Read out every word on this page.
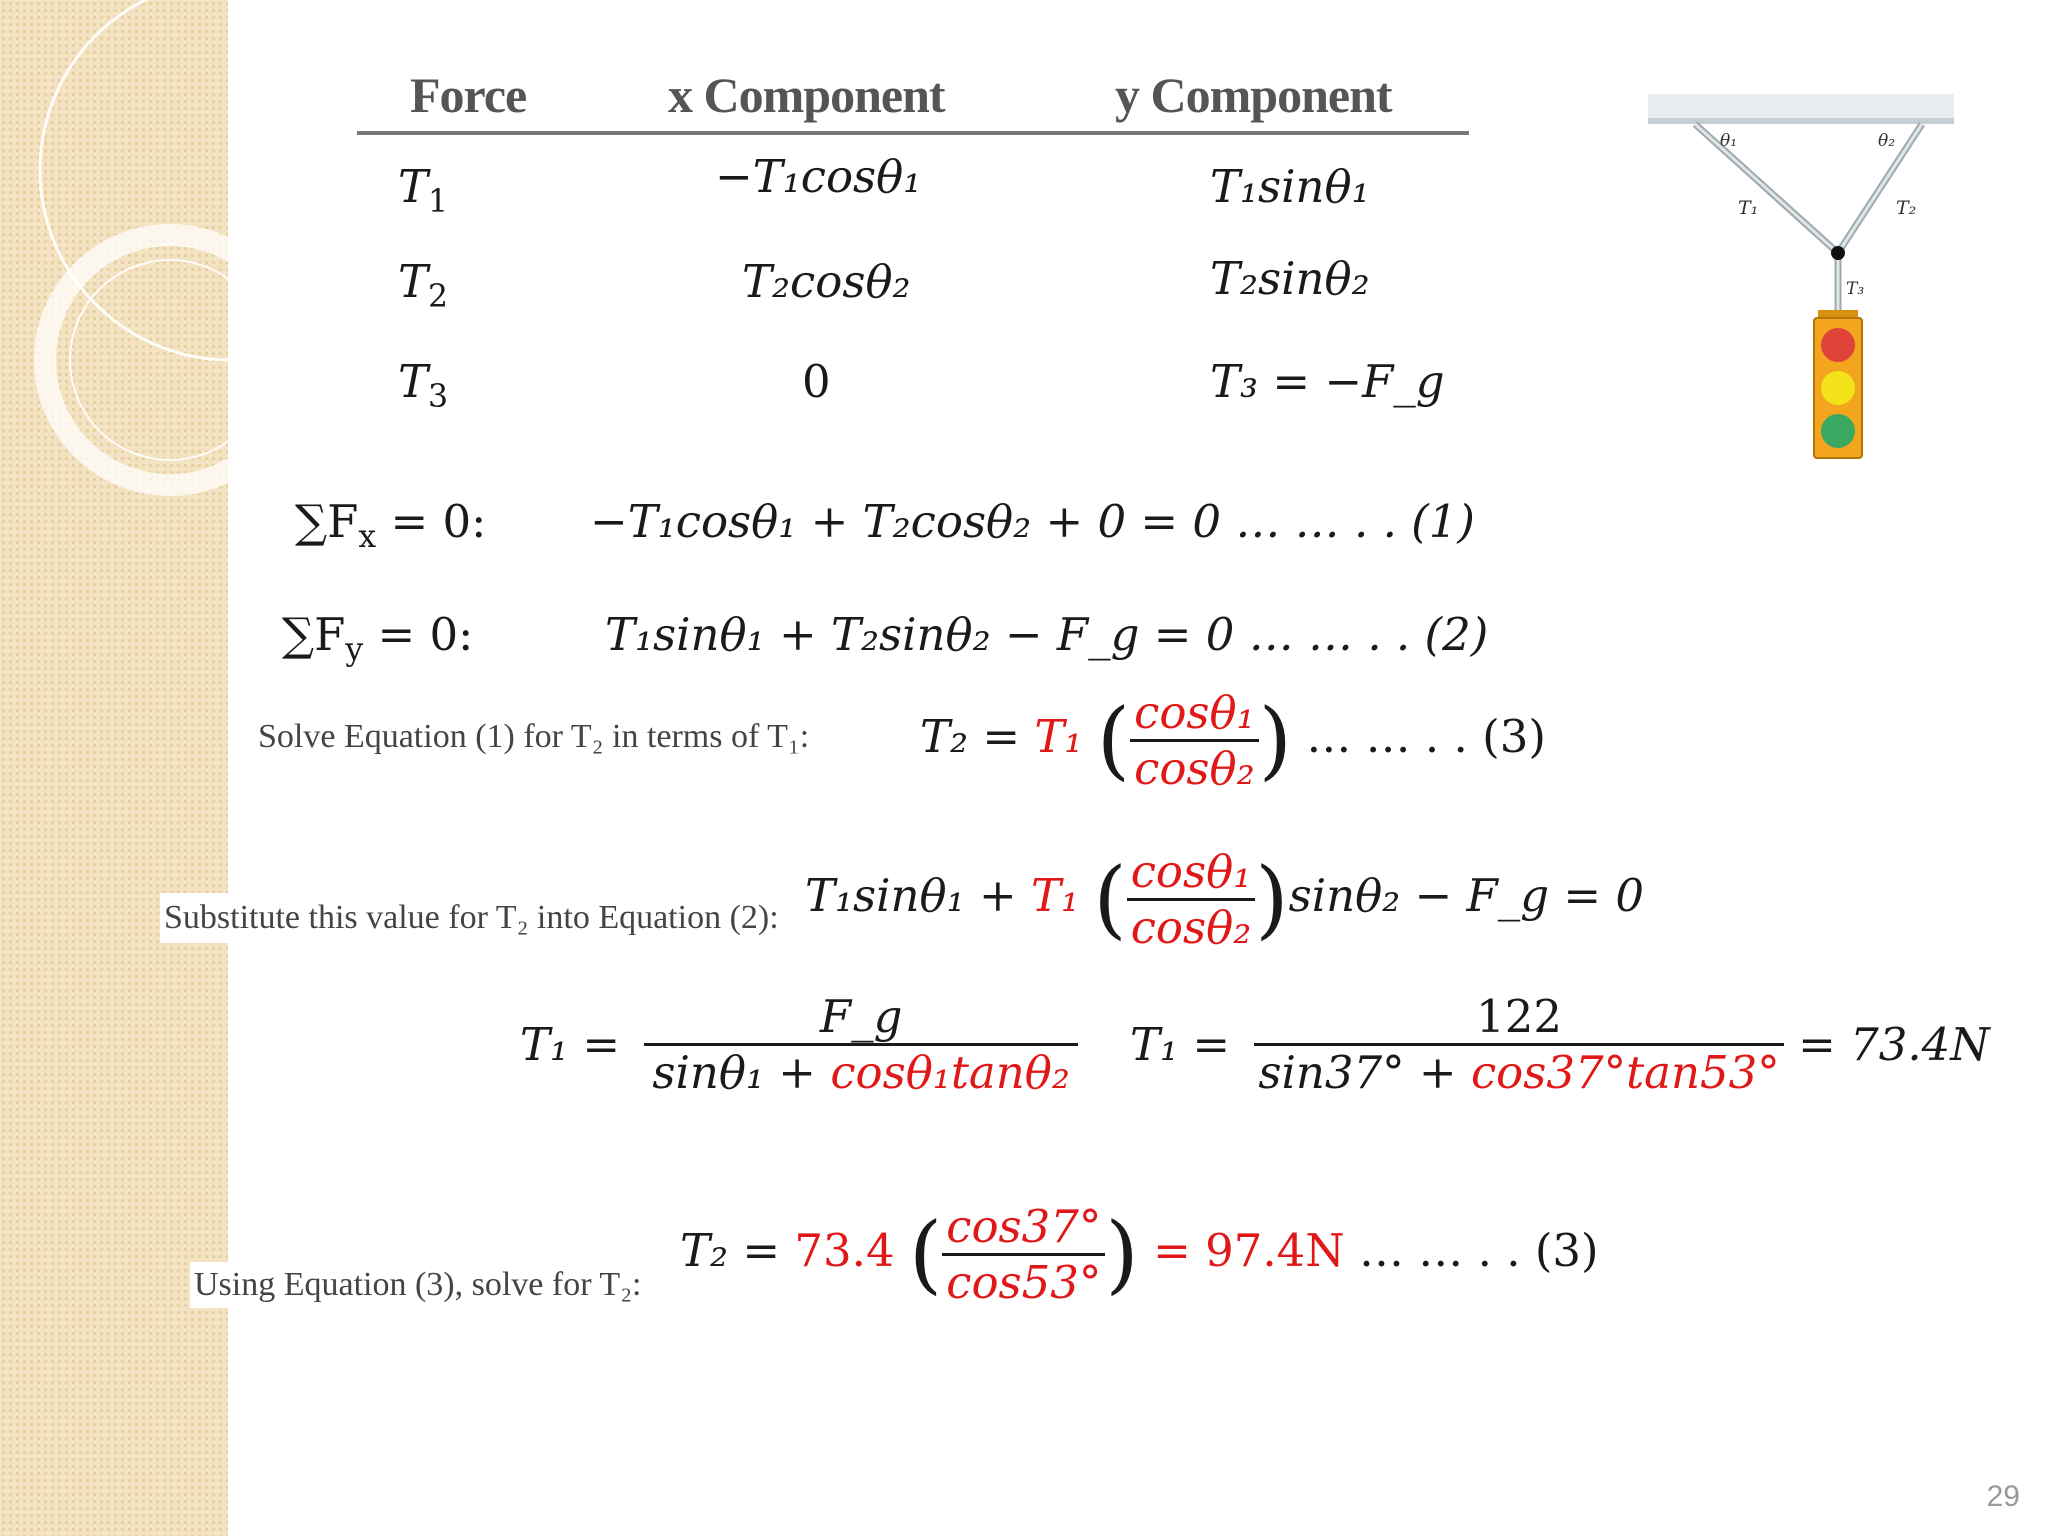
Force	x Component	y Component
$T_1$	−T₁cosθ₁	T₁sinθ₁
$T_2$	T₂cosθ₂	T₂sinθ₂
$T_3$	0	T₃ = −F_g
θ₁	θ₂
T₁	T₂
T₃
$\sum F_x = 0$: −T₁cosθ₁ + T₂cosθ₂ + 0 = 0 … … . . (1)
$\sum F_y = 0$:	T₁sinθ₁ + T₂sinθ₂ − F_g = 0 … … . . (2)
Solve Equation (1) for T₂ in terms of T₁: T₂ = T₁ ( $\frac{\text{cosθ₁}}{\text{cosθ₂}}$ ) … … . . (3)
Substitute this value for T₂ into Equation (2): T₁sinθ₁ + T₁ ( $\frac{\text{cosθ₁}}{\text{cosθ₂}} )\sin\theta_2$ − F_g = 0
$T_1 = \frac{F\_g}{\text{sinθ₁ + cosθ₁tanθ₂}} T_1 = \frac{122}{\sin 37^\circ + \cos 37^\circ\tan 53^\circ} = 73.4N$
Using Equation (3), solve for T₂:
T₂ = 73.4 ( $\frac{\cos 37^\circ}{\cos 53^\circ}$ ) = 97.4N … … . . (3)
29
